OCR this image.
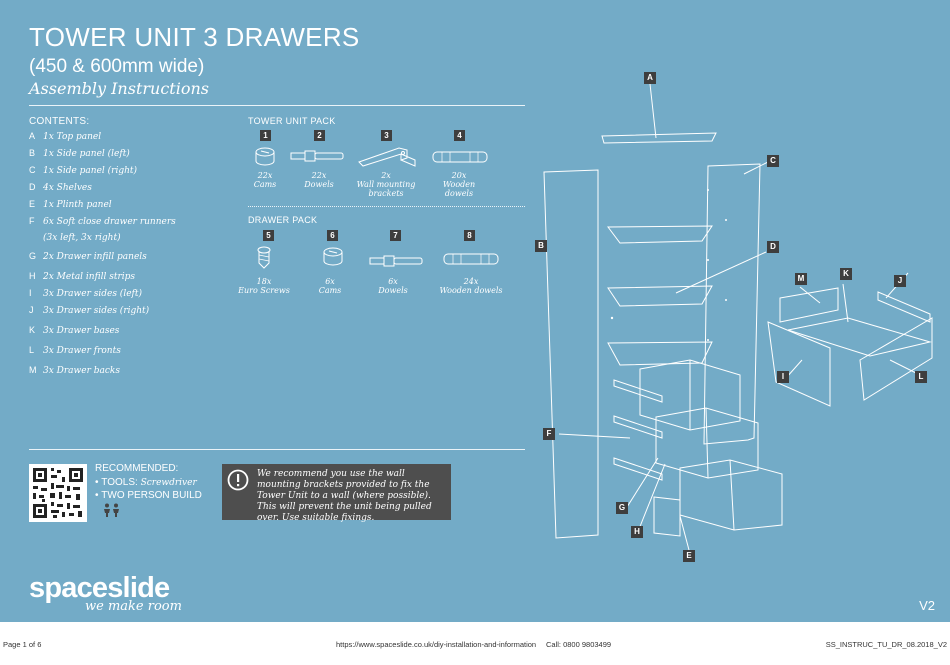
TOWER UNIT 3 DRAWERS
(450 & 600mm wide)
Assembly Instructions
CONTENTS:
A 1x Top panel
B 1x Side panel (left)
C 1x Side panel (right)
D 4x Shelves
E 1x Plinth panel
F 6x Soft close drawer runners
(3x left, 3x right)
G 2x Drawer infill panels
H 2x Metal infill strips
I 3x Drawer sides (left)
J 3x Drawer sides (right)
K 3x Drawer bases
L 3x Drawer fronts
M 3x Drawer backs
TOWER UNIT PACK
1
22x
Cams
2
22x
Dowels
3
2x
Wall mounting
brackets
4
20x
Wooden
dowels
DRAWER PACK
5
18x
Euro Screws
6
6x
Cams
7
6x
Dowels
8
24x
Wooden dowels
RECOMMENDED:
• TOOLS: Screwdriver
• TWO PERSON BUILD
We recommend you use the wall mounting brackets provided to fix the Tower Unit to a wall (where possible). This will prevent the unit being pulled over. Use suitable fixings.
spaceslide
we make room	V2
A
B
C
D
E
F
G
H
I
J
K
L
M
Page 1 of 6	https://www.spaceslide.co.uk/diy-installation-and-information Call: 0800 9803499	SS_INSTRUC_TU_DR_08.2018_V2
